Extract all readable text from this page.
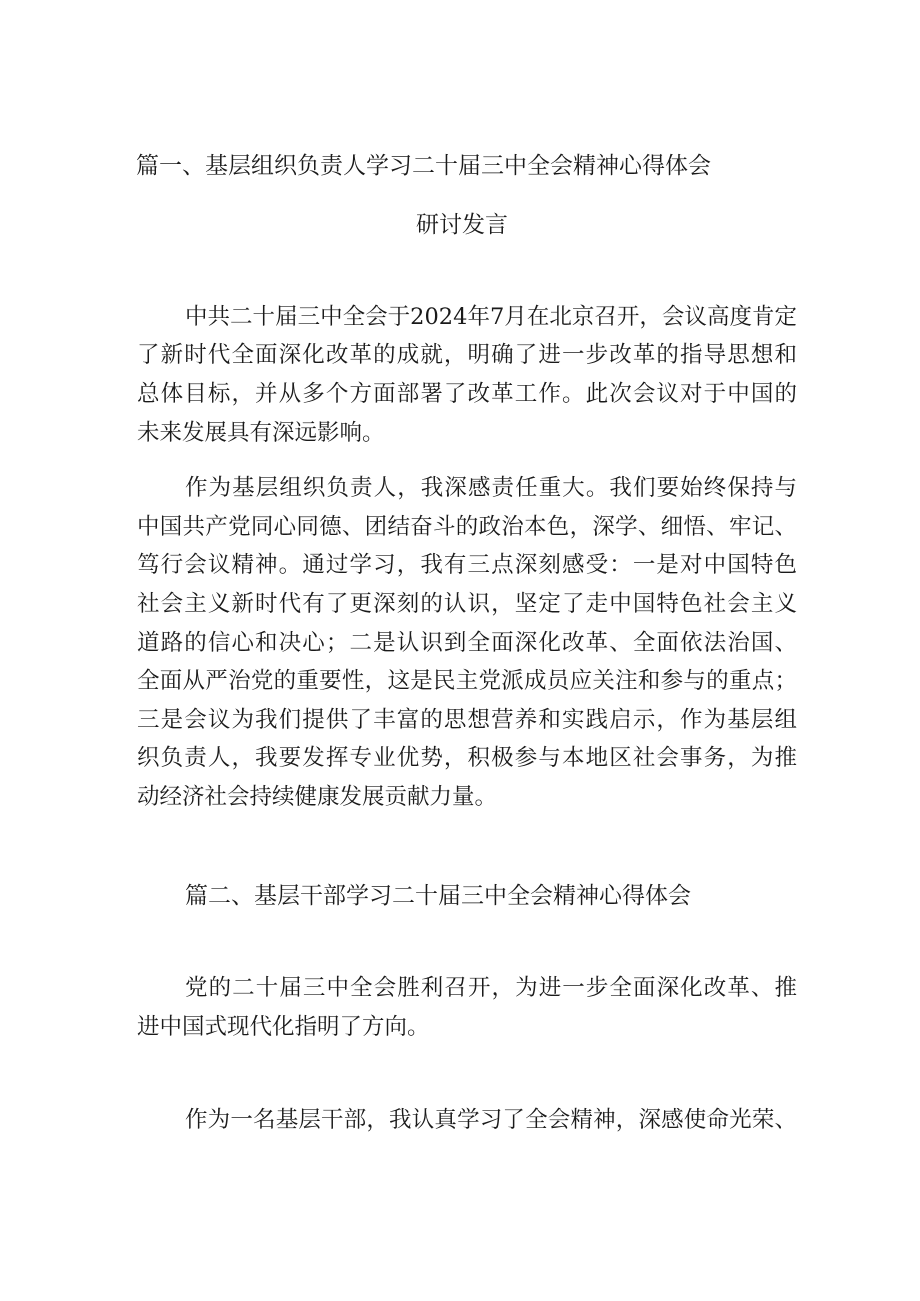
篇一、基层组织负责人学习二十届三中全会精神心得体会
研讨发言
中共二十届三中全会于2024年7月在北京召开，会议高度肯定
了新时代全面深化改革的成就，明确了进一步改革的指导思想和
总体目标，并从多个方面部署了改革工作。此次会议对于中国的
未来发展具有深远影响。
作为基层组织负责人，我深感责任重大。我们要始终保持与
中国共产党同心同德、团结奋斗的政治本色，深学、细悟、牢记、
笃行会议精神。通过学习，我有三点深刻感受：一是对中国特色
社会主义新时代有了更深刻的认识，坚定了走中国特色社会主义
道路的信心和决心；二是认识到全面深化改革、全面依法治国、
全面从严治党的重要性，这是民主党派成员应关注和参与的重点；
三是会议为我们提供了丰富的思想营养和实践启示，作为基层组
织负责人，我要发挥专业优势，积极参与本地区社会事务，为推
动经济社会持续健康发展贡献力量。
篇二、基层干部学习二十届三中全会精神心得体会
党的二十届三中全会胜利召开，为进一步全面深化改革、推
进中国式现代化指明了方向。
作为一名基层干部，我认真学习了全会精神，深感使命光荣、
